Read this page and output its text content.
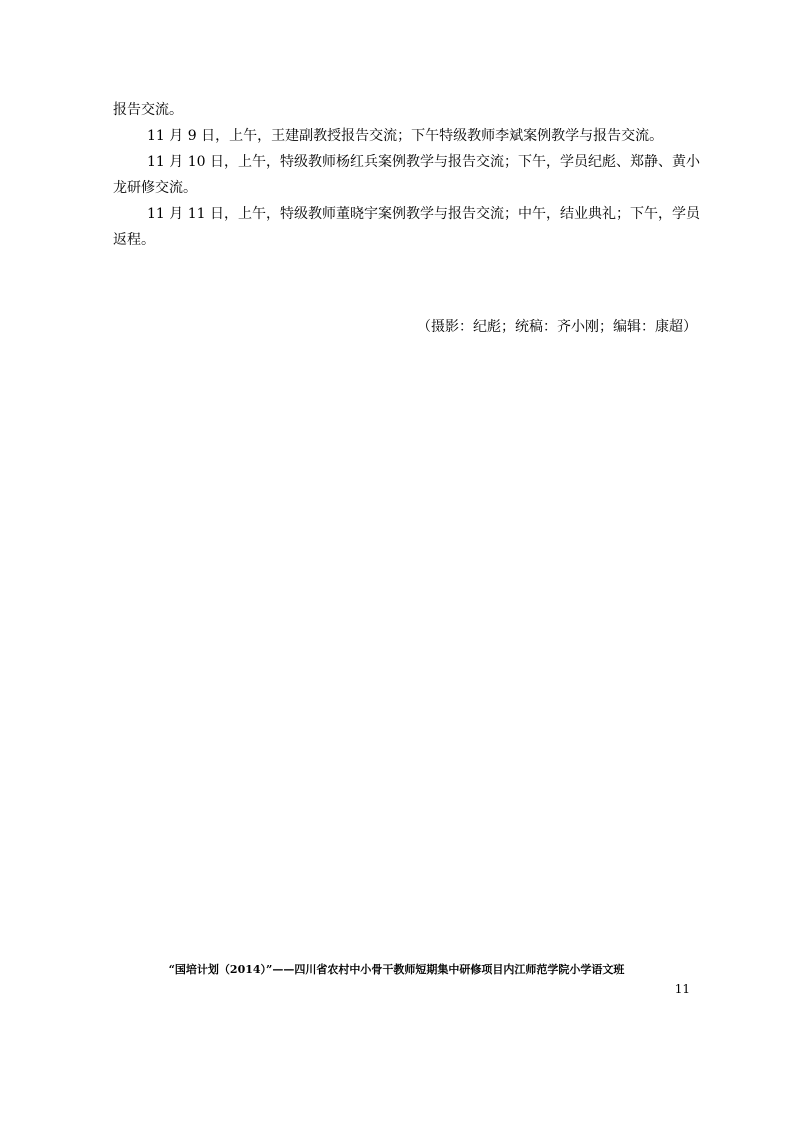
报告交流。
11 月 9 日，上午，王建副教授报告交流；下午特级教师李斌案例教学与报告交流。
11 月 10 日，上午，特级教师杨红兵案例教学与报告交流；下午，学员纪彪、郑静、黄小
龙研修交流。
11 月 11 日，上午，特级教师董晓宇案例教学与报告交流；中午，结业典礼；下午，学员
返程。
（摄影：纪彪；统稿：齐小刚；编辑：康超）
“国培计划（2014）”——四川省农村中小骨干教师短期集中研修项目内江师范学院小学语文班
11
